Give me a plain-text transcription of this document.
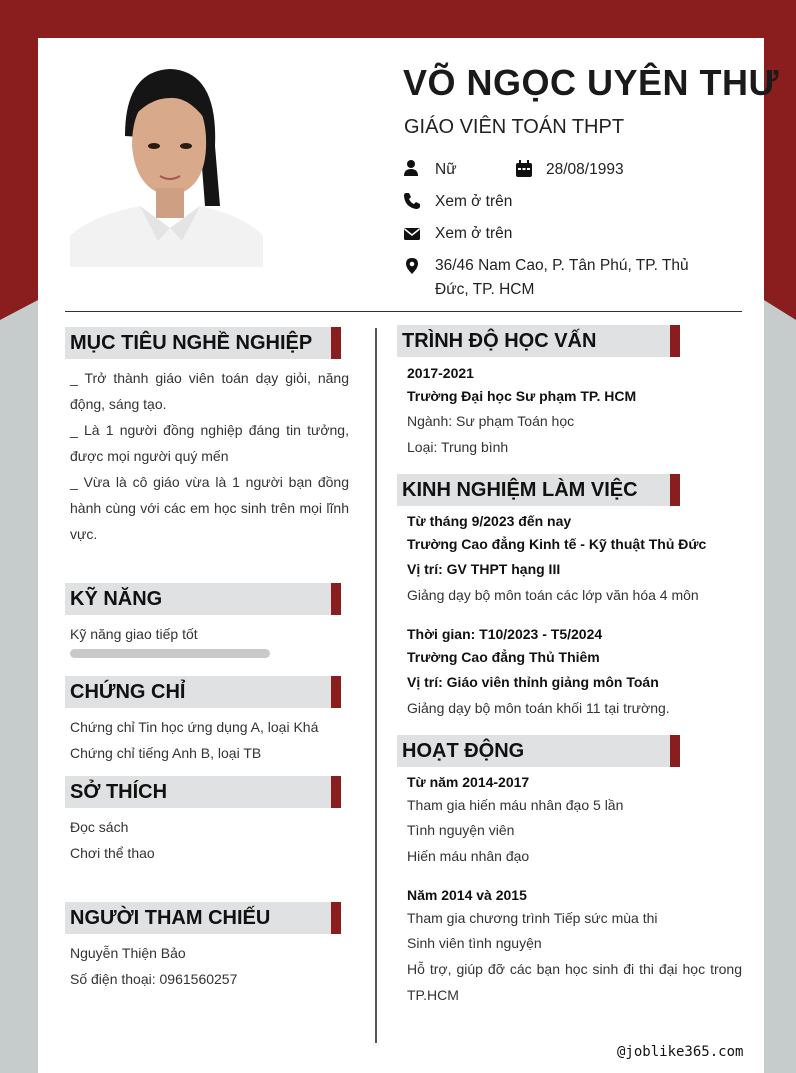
VÕ NGỌC UYÊN THƯ
GIÁO VIÊN TOÁN THPT
Nữ	28/08/1993
Xem ở trên
Xem ở trên
36/46 Nam Cao, P. Tân Phú, TP. Thủ
Đức, TP. HCM
MỤC TIÊU NGHỀ NGHIỆP
_ Trở thành giáo viên toán dạy giỏi, năng động, sáng tạo.
_ Là 1 người đồng nghiệp đáng tin tưởng, được mọi người quý mến
_ Vừa là cô giáo vừa là 1 người bạn đồng hành cùng với các em học sinh trên mọi lĩnh vực.
KỸ NĂNG
Kỹ năng giao tiếp tốt
CHỨNG CHỈ
Chứng chỉ Tin học ứng dụng A, loại Khá
Chứng chỉ tiếng Anh B, loại TB
SỞ THÍCH
Đọc sách
Chơi thể thao
NGƯỜI THAM CHIẾU
Nguyễn Thiện Bảo
Số điện thoại: 0961560257
TRÌNH ĐỘ HỌC VẤN
2017-2021
Trường Đại học Sư phạm TP. HCM
Ngành: Sư phạm Toán học
Loại: Trung bình
KINH NGHIỆM LÀM VIỆC
Từ tháng 9/2023 đến nay
Trường Cao đẳng Kinh tế - Kỹ thuật Thủ Đức
Vị trí: GV THPT hạng III
Giảng dạy bộ môn toán các lớp văn hóa 4 môn
Thời gian: T10/2023 - T5/2024
Trường Cao đẳng Thủ Thiêm
Vị trí: Giáo viên thỉnh giảng môn Toán
Giảng dạy bộ môn toán khối 11 tại trường.
HOẠT ĐỘNG
Từ năm 2014-2017
Tham gia hiến máu nhân đạo 5 lần
Tình nguyện viên
Hiến máu nhân đạo
Năm 2014 và 2015
Tham gia chương trình Tiếp sức mùa thi
Sinh viên tình nguyện
Hỗ trợ, giúp đỡ các bạn học sinh đi thi đại học trong
TP.HCM
@joblike365.com
